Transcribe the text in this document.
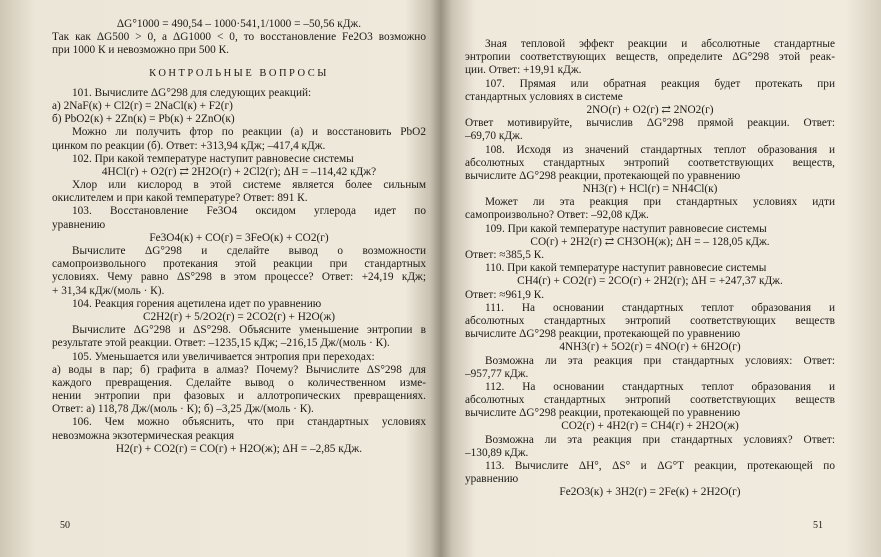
ΔG°1000 = 490,54 – 1000·541,1/1000 = –50,56 кДж.
Так как ΔG500 > 0, а ΔG1000 < 0, то восстановление Fe2O3 возможно
при 1000 К и невозможно при 500 К.
КОНТРОЛЬНЫЕ ВОПРОСЫ
101. Вычислите ΔG°298 для следующих реакций:
а) 2NaF(к) + Cl2(г) = 2NaCl(к) + F2(г)
б) PbO2(к) + 2Zn(к) = Pb(к) + 2ZnO(к)
Можно ли получить фтор по реакции (а) и восстановить PbO2
цинком по реакции (б). Ответ: +313,94 кДж; –417,4 кДж.
102. При какой температуре наступит равновесие системы
4HCl(г) + O2(г) ⇄ 2H2O(г) + 2Cl2(г); ΔH = –114,42 кДж?
Хлор или кислород в этой системе является более сильным
окислителем и при какой температуре? Ответ: 891 К.
103. Восстановление Fe3O4 оксидом углерода идет по
уравнению
Fe3O4(к) + CO(г) = 3FeO(к) + CO2(г)
Вычислите ΔG°298 и сделайте вывод о возможности
самопроизвольного протекания этой реакции при стандартных
условиях. Чему равно ΔS°298 в этом процессе? Ответ: +24,19 кДж;
+ 31,34 кДж/(моль · К).
104. Реакция горения ацетилена идет по уравнению
C2H2(г) + 5/2O2(г) = 2CO2(г) + H2O(ж)
Вычислите ΔG°298 и ΔS°298. Объясните уменьшение энтропии в
результате этой реакции. Ответ: –1235,15 кДж; –216,15 Дж/(моль · К).
105. Уменьшается или увеличивается энтропия при переходах:
а) воды в пар; б) графита в алмаз? Почему? Вычислите ΔS°298 для
каждого превращения. Сделайте вывод о количественном изме-
нении энтропии при фазовых и аллотропических превращениях.
Ответ: а) 118,78 Дж/(моль · К); б) –3,25 Дж/(моль · К).
106. Чем можно объяснить, что при стандартных условиях
невозможна экзотермическая реакция
H2(г) + CO2(г) = CO(г) + H2O(ж); ΔH = –2,85 кДж.
Зная тепловой эффект реакции и абсолютные стандартные
энтропии соответствующих веществ, определите ΔG°298 этой реак-
ции. Ответ: +19,91 кДж.
107. Прямая или обратная реакция будет протекать при
стандартных условиях в системе
2NO(г) + O2(г) ⇄ 2NO2(г)
Ответ мотивируйте, вычислив ΔG°298 прямой реакции. Ответ:
–69,70 кДж.
108. Исходя из значений стандартных теплот образования и
абсолютных стандартных энтропий соответствующих веществ,
вычислите ΔG°298 реакции, протекающей по уравнению
NH3(г) + HCl(г) = NH4Cl(к)
Может ли эта реакция при стандартных условиях идти
самопроизвольно? Ответ: –92,08 кДж.
109. При какой температуре наступит равновесие системы
CO(г) + 2H2(г) ⇄ CH3OH(ж); ΔH = – 128,05 кДж.
Ответ: ≈385,5 К.
110. При какой температуре наступит равновесие системы
CH4(г) + CO2(г) = 2CO(г) + 2H2(г); ΔH = +247,37 кДж.
Ответ: ≈961,9 К.
111. На основании стандартных теплот образования и
абсолютных стандартных энтропий соответствующих веществ
вычислите ΔG°298 реакции, протекающей по уравнению
4NH3(г) + 5O2(г) = 4NO(г) + 6H2O(г)
Возможна ли эта реакция при стандартных условиях: Ответ:
–957,77 кДж.
112. На основании стандартных теплот образования и
абсолютных стандартных энтропий соответствующих веществ
вычислите ΔG°298 реакции, протекающей по уравнению
CO2(г) + 4H2(г) = CH4(г) + 2H2O(ж)
Возможна ли эта реакция при стандартных условиях? Ответ:
–130,89 кДж.
113. Вычислите ΔH°, ΔS° и ΔG°T реакции, протекающей по
уравнению
Fe2O3(к) + 3H2(г) = 2Fe(к) + 2H2O(г)
50	51
